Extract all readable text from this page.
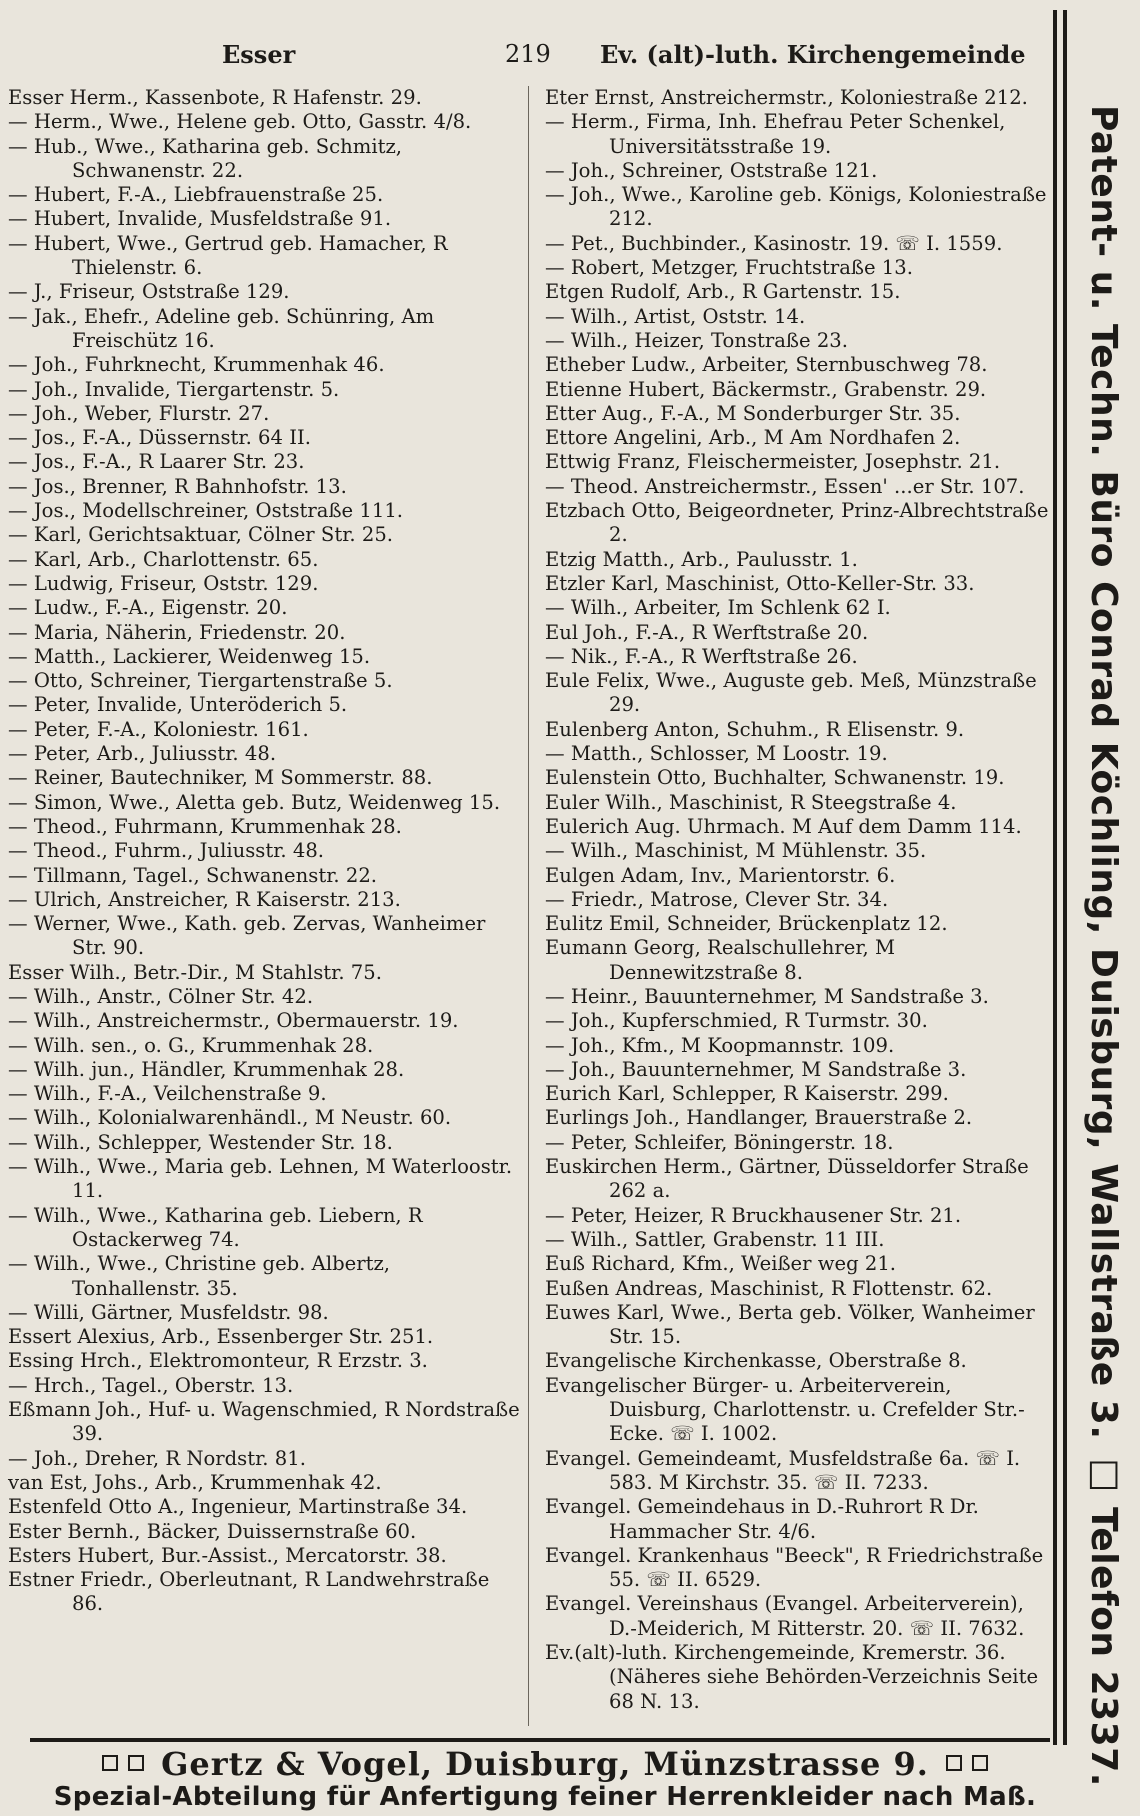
Esser	219 Ev. (alt)-luth. Kirchengemeinde

Esser Herm., Kassenbote, R Hafenstr. 29.

— Herm., Wwe., Helene geb. Otto, Gasstr. 4/8.

— Hub., Wwe., Katharina geb. Schmitz, Schwanenstr. 22.

— Hubert, F.-A., Liebfrauenstraße 25.

— Hubert, Invalide, Musfeldstraße 91.

— Hubert, Wwe., Gertrud geb. Hamacher, R Thielenstr. 6.

— J., Friseur, Oststraße 129.

— Jak., Ehefr., Adeline geb. Schünring, Am Freischütz 16.

— Joh., Fuhrknecht, Krummenhak 46.

— Joh., Invalide, Tiergartenstr. 5.

— Joh., Weber, Flurstr. 27.

— Jos., F.-A., Düssernstr. 64 II.

— Jos., F.-A., R Laarer Str. 23.

— Jos., Brenner, R Bahnhofstr. 13.

— Jos., Modellschreiner, Oststraße 111.

— Karl, Gerichtsaktuar, Cölner Str. 25.

— Karl, Arb., Charlottenstr. 65.

— Ludwig, Friseur, Oststr. 129.

— Ludw., F.-A., Eigenstr. 20.

— Maria, Näherin, Friedenstr. 20.

— Matth., Lackierer, Weidenweg 15.

— Otto, Schreiner, Tiergartenstraße 5.

— Peter, Invalide, Unteröderich 5.

— Peter, F.-A., Koloniestr. 161.

— Peter, Arb., Juliusstr. 48.

— Reiner, Bautechniker, M Sommerstr. 88.

— Simon, Wwe., Aletta geb. Butz, Weidenweg 15.

— Theod., Fuhrmann, Krummenhak 28.

— Theod., Fuhrm., Juliusstr. 48.

— Tillmann, Tagel., Schwanenstr. 22.

— Ulrich, Anstreicher, R Kaiserstr. 213.

— Werner, Wwe., Kath. geb. Zervas, Wanheimer Str. 90.

Esser Wilh., Betr.-Dir., M Stahlstr. 75.

— Wilh., Anstr., Cölner Str. 42.

— Wilh., Anstreichermstr., Obermauerstr. 19.

— Wilh. sen., o. G., Krummenhak 28.

— Wilh. jun., Händler, Krummenhak 28.

— Wilh., F.-A., Veilchenstraße 9.

— Wilh., Kolonialwarenhändl., M Neustr. 60.

— Wilh., Schlepper, Westender Str. 18.

— Wilh., Wwe., Maria geb. Lehnen, M Waterloostr. 11.

— Wilh., Wwe., Katharina geb. Liebern, R Ostackerweg 74.

— Wilh., Wwe., Christine geb. Albertz, Tonhallenstr. 35.

— Willi, Gärtner, Musfeldstr. 98.

Essert Alexius, Arb., Essenberger Str. 251.

Essing Hrch., Elektromonteur, R Erzstr. 3.

— Hrch., Tagel., Oberstr. 13.

Eßmann Joh., Huf- u. Wagenschmied, R Nordstraße 39.

— Joh., Dreher, R Nordstr. 81.

van Est, Johs., Arb., Krummenhak 42.

Estenfeld Otto A., Ingenieur, Martinstraße 34.

Ester Bernh., Bäcker, Duissernstraße 60.

Esters Hubert, Bur.-Assist., Mercatorstr. 38.

Estner Friedr., Oberleutnant, R Landwehrstraße 86.

Eter Ernst, Anstreichermstr., Koloniestraße 212.

— Herm., Firma, Inh. Ehefrau Peter Schenkel, Universitätsstraße 19.

— Joh., Schreiner, Oststraße 121.

— Joh., Wwe., Karoline geb. Königs, Koloniestraße 212.

— Pet., Buchbinder., Kasinostr. 19. ☏ I. 1559.

— Robert, Metzger, Fruchtstraße 13.

Etgen Rudolf, Arb., R Gartenstr. 15.

— Wilh., Artist, Oststr. 14.

— Wilh., Heizer, Tonstraße 23.

Etheber Ludw., Arbeiter, Sternbuschweg 78.

Etienne Hubert, Bäckermstr., Grabenstr. 29.

Etter Aug., F.-A., M Sonderburger Str. 35.

Ettore Angelini, Arb., M Am Nordhafen 2.

Ettwig Franz, Fleischermeister, Josephstr. 21.

— Theod. Anstreichermstr., Essen' ...er Str. 107.

Etzbach Otto, Beigeordneter, Prinz-Albrechtstraße 2.

Etzig Matth., Arb., Paulusstr. 1.

Etzler Karl, Maschinist, Otto-Keller-Str. 33.

— Wilh., Arbeiter, Im Schlenk 62 I.

Eul Joh., F.-A., R Werftstraße 20.

— Nik., F.-A., R Werftstraße 26.

Eule Felix, Wwe., Auguste geb. Meß, Münzstraße 29.

Eulenberg Anton, Schuhm., R Elisenstr. 9.

— Matth., Schlosser, M Loostr. 19.

Eulenstein Otto, Buchhalter, Schwanenstr. 19.

Euler Wilh., Maschinist, R Steegstraße 4.

Eulerich Aug. Uhrmach. M Auf dem Damm 114.

— Wilh., Maschinist, M Mühlenstr. 35.

Eulgen Adam, Inv., Marientorstr. 6.

— Friedr., Matrose, Clever Str. 34.

Eulitz Emil, Schneider, Brückenplatz 12.

Eumann Georg, Realschullehrer, M Dennewitzstraße 8.

— Heinr., Bauunternehmer, M Sandstraße 3.

— Joh., Kupferschmied, R Turmstr. 30.

— Joh., Kfm., M Koopmannstr. 109.

— Joh., Bauunternehmer, M Sandstraße 3.

Eurich Karl, Schlepper, R Kaiserstr. 299.

Eurlings Joh., Handlanger, Brauerstraße 2.

— Peter, Schleifer, Böningerstr. 18.

Euskirchen Herm., Gärtner, Düsseldorfer Straße 262 a.

— Peter, Heizer, R Bruckhausener Str. 21.

— Wilh., Sattler, Grabenstr. 11 III.

Euß Richard, Kfm., Weißer weg 21.

Eußen Andreas, Maschinist, R Flottenstr. 62.

Euwes Karl, Wwe., Berta geb. Völker, Wanheimer Str. 15.

Evangelische Kirchenkasse, Oberstraße 8.

Evangelischer Bürger- u. Arbeiterverein, Duisburg, Charlottenstr. u. Crefelder Str.-Ecke. ☏ I. 1002.

Evangel. Gemeindeamt, Musfeldstraße 6a. ☏ I. 583. M Kirchstr. 35. ☏ II. 7233.

Evangel. Gemeindehaus in D.-Ruhrort R Dr. Hammacher Str. 4/6.

Evangel. Krankenhaus "Beeck", R Friedrichstraße 55. ☏ II. 6529.

Evangel. Vereinshaus (Evangel. Arbeiterverein), D.-Meiderich, M Ritterstr. 20. ☏ II. 7632.

Ev.(alt)-luth. Kirchengemeinde, Kremerstr. 36. (Näheres siehe Behörden-Verzeichnis Seite 68 N. 13.	Patent- u. Techn. Büro Conrad Köchling, Duisburg, Wallstraße 3. □ Telefon 2337.
Gertz & Vogel, Duisburg, Münzstrasse 9.
Spezial-Abteilung für Anfertigung feiner Herrenkleider nach Maß.
